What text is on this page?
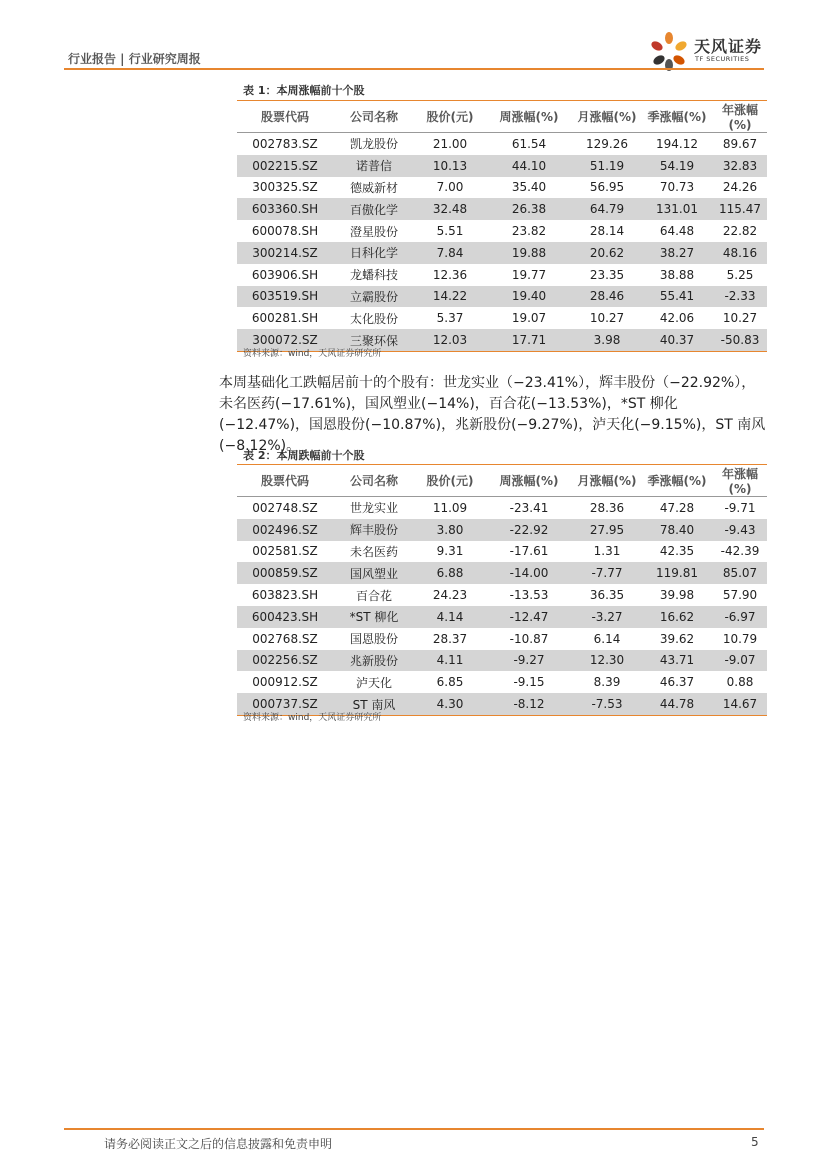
行业报告 | 行业研究周报
天风证券
TF SECURITIES
表 1：本周涨幅前十个股
股票代码	公司名称	股价(元)	周涨幅(%)	月涨幅(%)	季涨幅(%)	年涨幅(%)
002783.SZ	凯龙股份	21.00	61.54	129.26	194.12	89.67
002215.SZ	诺普信	10.13	44.10	51.19	54.19	32.83
300325.SZ	德威新材	7.00	35.40	56.95	70.73	24.26
603360.SH	百傲化学	32.48	26.38	64.79	131.01	115.47
600078.SH	澄星股份	5.51	23.82	28.14	64.48	22.82
300214.SZ	日科化学	7.84	19.88	20.62	38.27	48.16
603906.SH	龙蟠科技	12.36	19.77	23.35	38.88	5.25
603519.SH	立霸股份	14.22	19.40	28.46	55.41	-2.33
600281.SH	太化股份	5.37	19.07	10.27	42.06	10.27
300072.SZ	三聚环保	12.03	17.71	3.98	40.37	-50.83
资料来源：wind，天风证券研究所
本周基础化工跌幅居前十的个股有：世龙实业（−23.41%），辉丰股份（−22.92%），未名医药(−17.61%)，国风塑业(−14%)，百合花(−13.53%)，*ST 柳化(−12.47%)，国恩股份(−10.87%)，兆新股份(−9.27%)，泸天化(−9.15%)，ST 南风(−8.12%)。
表 2：本周跌幅前十个股
股票代码	公司名称	股价(元)	周涨幅(%)	月涨幅(%)	季涨幅(%)	年涨幅(%)
002748.SZ	世龙实业	11.09	-23.41	28.36	47.28	-9.71
002496.SZ	辉丰股份	3.80	-22.92	27.95	78.40	-9.43
002581.SZ	未名医药	9.31	-17.61	1.31	42.35	-42.39
000859.SZ	国风塑业	6.88	-14.00	-7.77	119.81	85.07
603823.SH	百合花	24.23	-13.53	36.35	39.98	57.90
600423.SH	*ST 柳化	4.14	-12.47	-3.27	16.62	-6.97
002768.SZ	国恩股份	28.37	-10.87	6.14	39.62	10.79
002256.SZ	兆新股份	4.11	-9.27	12.30	43.71	-9.07
000912.SZ	泸天化	6.85	-9.15	8.39	46.37	0.88
000737.SZ	ST 南风	4.30	-8.12	-7.53	44.78	14.67
资料来源：wind，天风证券研究所
请务必阅读正文之后的信息披露和免责申明	5
